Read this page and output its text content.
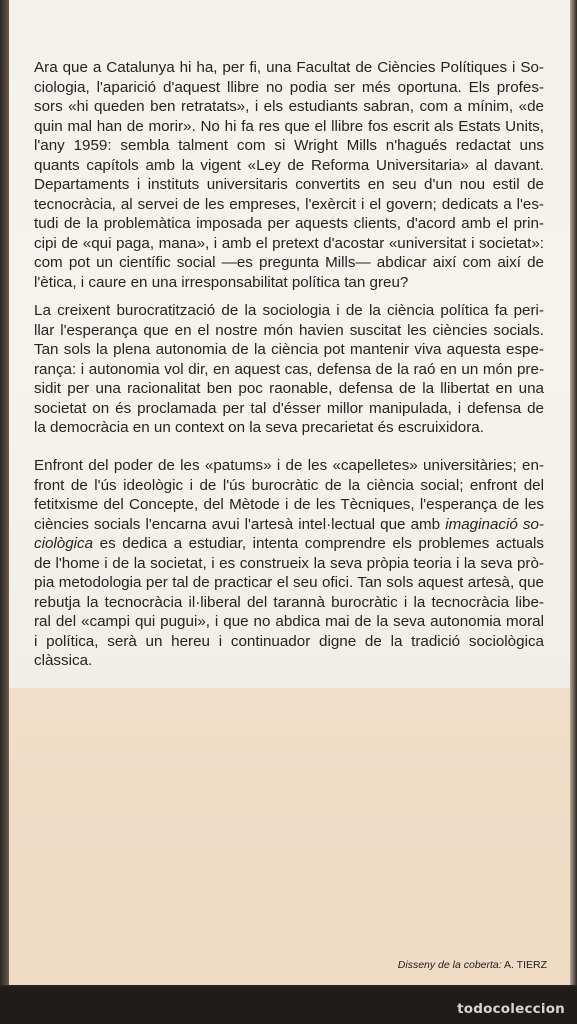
Ara que a Catalunya hi ha, per fi, una Facultat de Ciències Polítiques i So-
ciologia, l'aparició d'aquest llibre no podia ser més oportuna. Els profes-
sors «hi queden ben retratats», i els estudiants sabran, com a mínim, «de
quin mal han de morir». No hi fa res que el llibre fos escrit als Estats Units,
l'any 1959: sembla talment com si Wright Mills n'hagués redactat uns
quants capítols amb la vigent «Ley de Reforma Universitaria» al davant.
Departaments i instituts universitaris convertits en seu d'un nou estil de
tecnocràcia, al servei de les empreses, l'exèrcit i el govern; dedicats a l'es-
tudi de la problemàtica imposada per aquests clients, d'acord amb el prin-
cipi de «qui paga, mana», i amb el pretext d'acostar «universitat i societat»:
com pot un científic social —es pregunta Mills— abdicar així com així de
l'ètica, i caure en una irresponsabilitat política tan greu?

La creixent burocratització de la sociologia i de la ciència política fa peri-
llar l'esperança que en el nostre món havien suscitat les ciències socials.
Tan sols la plena autonomia de la ciència pot mantenir viva aquesta espe-
rança: i autonomia vol dir, en aquest cas, defensa de la raó en un món pre-
sidit per una racionalitat ben poc raonable, defensa de la llibertat en una
societat on és proclamada per tal d'ésser millor manipulada, i defensa de
la democràcia en un context on la seva precarietat és escruixidora.

Enfront del poder de les «patums» i de les «capelletes» universitàries; en-
front de l'ús ideològic i de l'ús burocràtic de la ciència social; enfront del
fetitxisme del Concepte, del Mètode i de les Tècniques, l'esperança de les
ciències socials l'encarna avui l'artesà intel·lectual que amb imaginació so-
ciològica es dedica a estudiar, intenta comprendre els problemes actuals
de l'home i de la societat, i es construeix la seva pròpia teoria i la seva prò-
pia metodologia per tal de practicar el seu ofici. Tan sols aquest artesà, que
rebutja la tecnocràcia il·liberal del tarannà burocràtic i la tecnocràcia libe-
ral del «campi qui pugui», i que no abdica mai de la seva autonomia moral
i política, serà un hereu i continuador digne de la tradició sociològica
clàssica.

Disseny de la coberta: A. TIERZ
todocoleccion
